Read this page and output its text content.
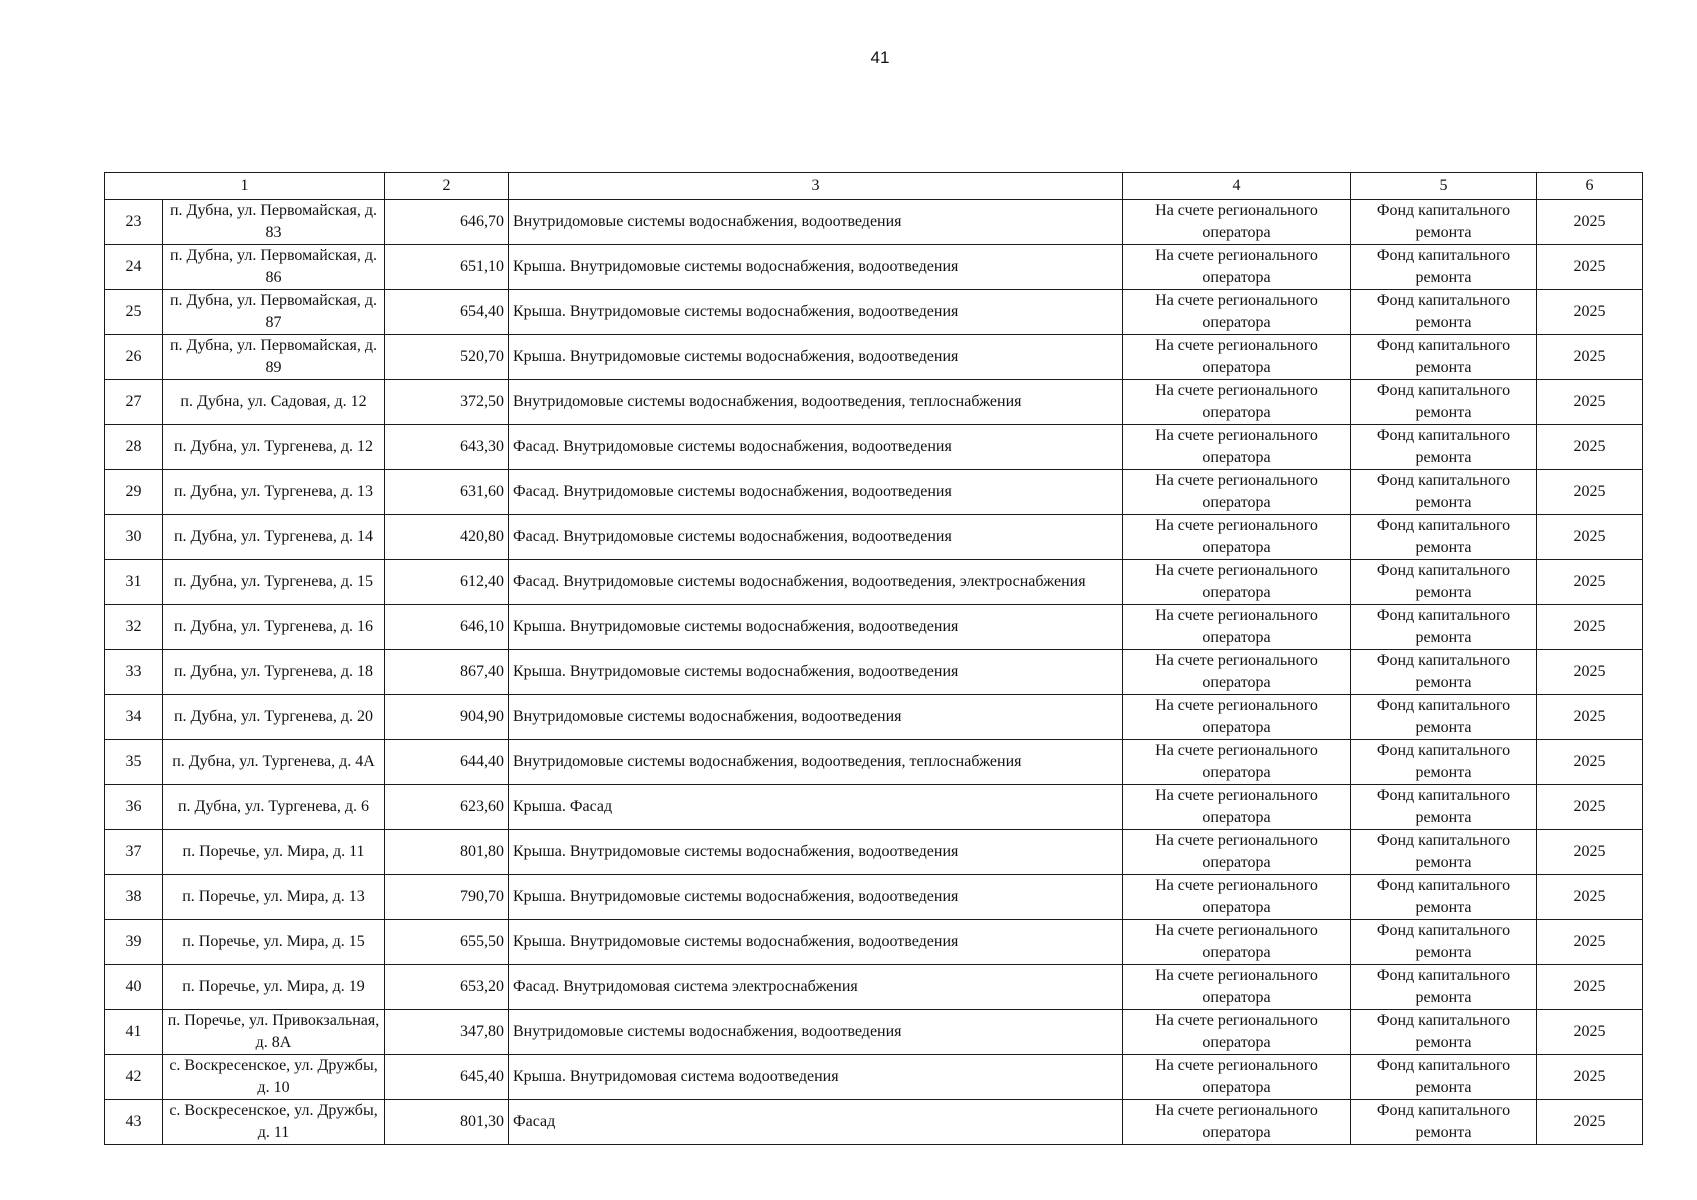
41
1		2	3	4	5	6
23	п. Дубна, ул. Первомайская, д. 83	646,70	Внутридомовые системы водоснабжения, водоотведения	На счете регионального оператора	Фонд капитального ремонта	2025
24	п. Дубна, ул. Первомайская, д. 86	651,10	Крыша. Внутридомовые системы водоснабжения, водоотведения	На счете регионального оператора	Фонд капитального ремонта	2025
25	п. Дубна, ул. Первомайская, д. 87	654,40	Крыша. Внутридомовые системы водоснабжения, водоотведения	На счете регионального оператора	Фонд капитального ремонта	2025
26	п. Дубна, ул. Первомайская, д. 89	520,70	Крыша. Внутридомовые системы водоснабжения, водоотведения	На счете регионального оператора	Фонд капитального ремонта	2025
27	п. Дубна, ул. Садовая, д. 12	372,50	Внутридомовые системы водоснабжения, водоотведения, теплоснабжения	На счете регионального оператора	Фонд капитального ремонта	2025
28	п. Дубна, ул. Тургенева, д. 12	643,30	Фасад. Внутридомовые системы водоснабжения, водоотведения	На счете регионального оператора	Фонд капитального ремонта	2025
29	п. Дубна, ул. Тургенева, д. 13	631,60	Фасад. Внутридомовые системы водоснабжения, водоотведения	На счете регионального оператора	Фонд капитального ремонта	2025
30	п. Дубна, ул. Тургенева, д. 14	420,80	Фасад. Внутридомовые системы водоснабжения, водоотведения	На счете регионального оператора	Фонд капитального ремонта	2025
31	п. Дубна, ул. Тургенева, д. 15	612,40	Фасад. Внутридомовые системы водоснабжения, водоотведения, электроснабжения	На счете регионального оператора	Фонд капитального ремонта	2025
32	п. Дубна, ул. Тургенева, д. 16	646,10	Крыша. Внутридомовые системы водоснабжения, водоотведения	На счете регионального оператора	Фонд капитального ремонта	2025
33	п. Дубна, ул. Тургенева, д. 18	867,40	Крыша. Внутридомовые системы водоснабжения, водоотведения	На счете регионального оператора	Фонд капитального ремонта	2025
34	п. Дубна, ул. Тургенева, д. 20	904,90	Внутридомовые системы водоснабжения, водоотведения	На счете регионального оператора	Фонд капитального ремонта	2025
35	п. Дубна, ул. Тургенева, д. 4А	644,40	Внутридомовые системы водоснабжения, водоотведения, теплоснабжения	На счете регионального оператора	Фонд капитального ремонта	2025
36	п. Дубна, ул. Тургенева, д. 6	623,60	Крыша. Фасад	На счете регионального оператора	Фонд капитального ремонта	2025
37	п. Поречье, ул. Мира, д. 11	801,80	Крыша. Внутридомовые системы водоснабжения, водоотведения	На счете регионального оператора	Фонд капитального ремонта	2025
38	п. Поречье, ул. Мира, д. 13	790,70	Крыша. Внутридомовые системы водоснабжения, водоотведения	На счете регионального оператора	Фонд капитального ремонта	2025
39	п. Поречье, ул. Мира, д. 15	655,50	Крыша. Внутридомовые системы водоснабжения, водоотведения	На счете регионального оператора	Фонд капитального ремонта	2025
40	п. Поречье, ул. Мира, д. 19	653,20	Фасад. Внутридомовая система электроснабжения	На счете регионального оператора	Фонд капитального ремонта	2025
41	п. Поречье, ул. Привокзальная, д. 8А	347,80	Внутридомовые системы водоснабжения, водоотведения	На счете регионального оператора	Фонд капитального ремонта	2025
42	с. Воскресенское, ул. Дружбы, д. 10	645,40	Крыша. Внутридомовая система водоотведения	На счете регионального оператора	Фонд капитального ремонта	2025
43	с. Воскресенское, ул. Дружбы, д. 11	801,30	Фасад	На счете регионального оператора	Фонд капитального ремонта	2025
